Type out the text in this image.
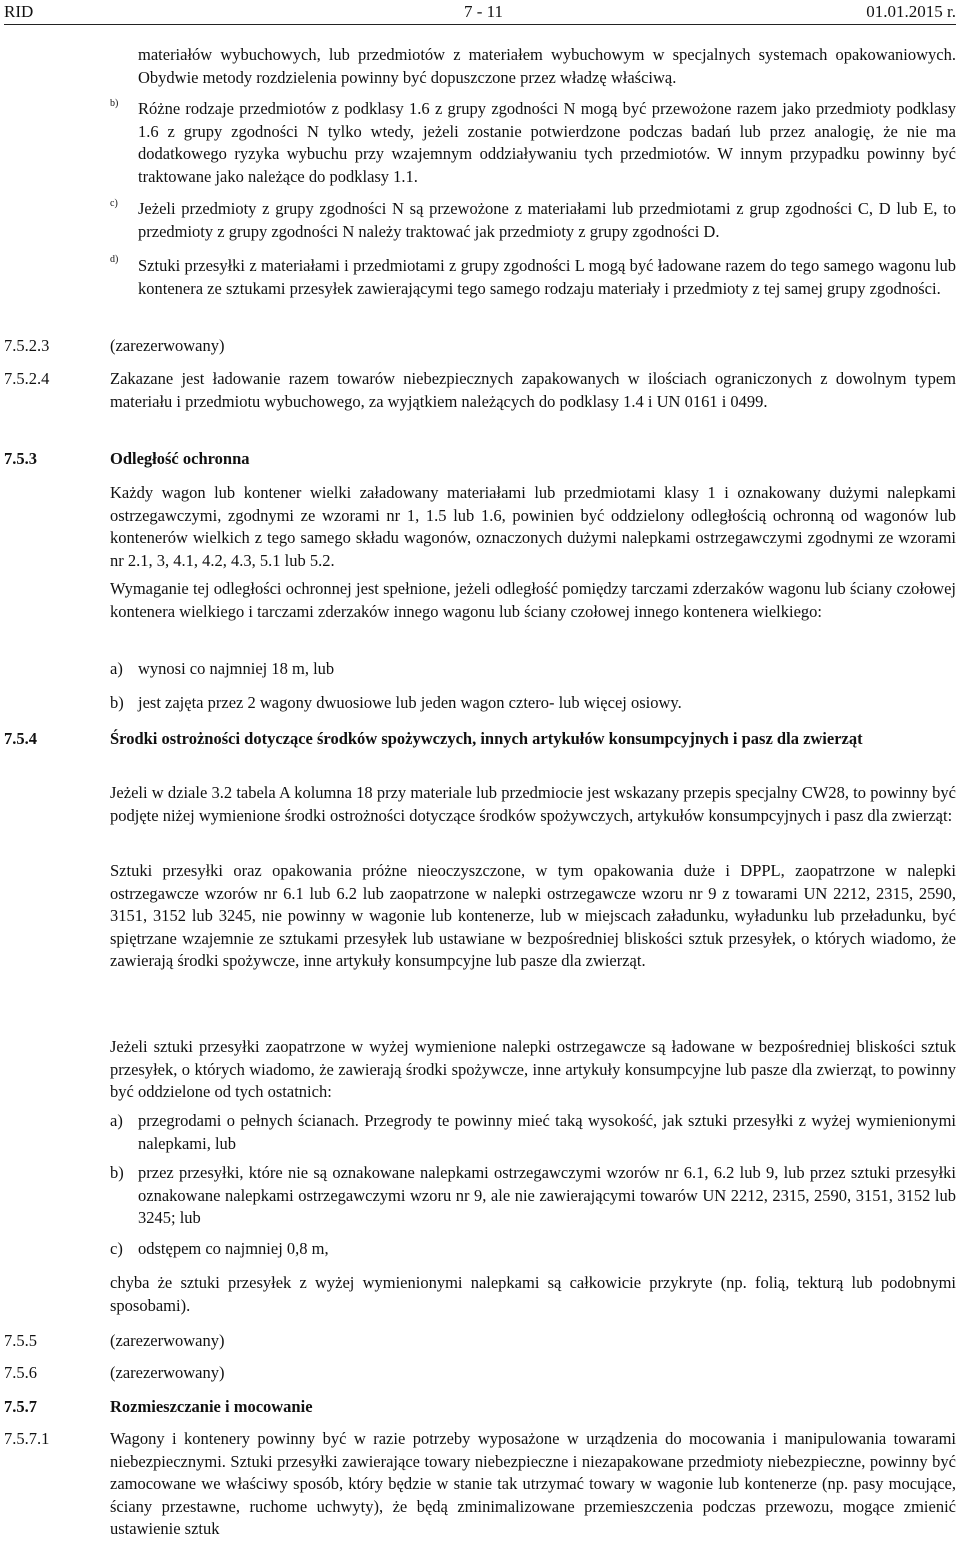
RID	7 - 11	01.01.2015 r.
materiałów wybuchowych, lub przedmiotów z materiałem wybuchowym w specjalnych systemach opakowaniowych. Obydwie metody rozdzielenia powinny być dopuszczone przez władzę właściwą.
b) Różne rodzaje przedmiotów z podklasy 1.6 z grupy zgodności N mogą być przewożone razem jako przedmioty podklasy 1.6 z grupy zgodności N tylko wtedy, jeżeli zostanie potwierdzone podczas badań lub przez analogię, że nie ma dodatkowego ryzyka wybuchu przy wzajemnym oddziaływaniu tych przedmiotów. W innym przypadku powinny być traktowane jako należące do podklasy 1.1.
c) Jeżeli przedmioty z grupy zgodności N są przewożone z materiałami lub przedmiotami z grup zgodności C, D lub E, to przedmioty z grupy zgodności N należy traktować jak przedmioty z grupy zgodności D.
d) Sztuki przesyłki z materiałami i przedmiotami z grupy zgodności L mogą być ładowane razem do tego samego wagonu lub kontenera ze sztukami przesyłek zawierającymi tego samego rodzaju materiały i przedmioty z tej samej grupy zgodności.
7.5.2.3	(zarezerwowany)
7.5.2.4	Zakazane jest ładowanie razem towarów niebezpiecznych zapakowanych w ilościach ograniczonych z dowolnym typem materiału i przedmiotu wybuchowego, za wyjątkiem należących do podklasy 1.4 i UN 0161 i 0499.
7.5.3	Odległość ochronna
Każdy wagon lub kontener wielki załadowany materiałami lub przedmiotami klasy 1 i oznakowany dużymi nalepkami ostrzegawczymi, zgodnymi ze wzorami nr 1, 1.5 lub 1.6, powinien być oddzielony odległością ochronną od wagonów lub kontenerów wielkich z tego samego składu wagonów, oznaczonych dużymi nalepkami ostrzegawczymi zgodnymi ze wzorami nr 2.1, 3, 4.1, 4.2, 4.3, 5.1 lub 5.2.
Wymaganie tej odległości ochronnej jest spełnione, jeżeli odległość pomiędzy tarczami zderzaków wagonu lub ściany czołowej kontenera wielkiego i tarczami zderzaków innego wagonu lub ściany czołowej innego kontenera wielkiego:
a) wynosi co najmniej 18 m, lub
b) jest zajęta przez 2 wagony dwuosiowe lub jeden wagon cztero- lub więcej osiowy.
7.5.4	Środki ostrożności dotyczące środków spożywczych, innych artykułów konsumpcyjnych i pasz dla zwierząt
Jeżeli w dziale 3.2 tabela A kolumna 18 przy materiale lub przedmiocie jest wskazany przepis specjalny CW28, to powinny być podjęte niżej wymienione środki ostrożności dotyczące środków spożywczych, artykułów konsumpcyjnych i pasz dla zwierząt:
Sztuki przesyłki oraz opakowania próżne nieoczyszczone, w tym opakowania duże i DPPL, zaopatrzone w nalepki ostrzegawcze wzorów nr 6.1 lub 6.2 lub zaopatrzone w nalepki ostrzegawcze wzoru nr 9 z towarami UN 2212, 2315, 2590, 3151, 3152 lub 3245, nie powinny w wagonie lub kontenerze, lub w miejscach załadunku, wyładunku lub przeładunku, być spiętrzane wzajemnie ze sztukami przesyłek lub ustawiane w bezpośredniej bliskości sztuk przesyłek, o których wiadomo, że zawierają środki spożywcze, inne artykuły konsumpcyjne lub pasze dla zwierząt.
Jeżeli sztuki przesyłki zaopatrzone w wyżej wymienione nalepki ostrzegawcze są ładowane w bezpośredniej bliskości sztuk przesyłek, o których wiadomo, że zawierają środki spożywcze, inne artykuły konsumpcyjne lub pasze dla zwierząt, to powinny być oddzielone od tych ostatnich:
a) przegrodami o pełnych ścianach. Przegrody te powinny mieć taką wysokość, jak sztuki przesyłki z wyżej wymienionymi nalepkami, lub
b) przez przesyłki, które nie są oznakowane nalepkami ostrzegawczymi wzorów nr 6.1, 6.2 lub 9, lub przez sztuki przesyłki oznakowane nalepkami ostrzegawczymi wzoru nr 9, ale nie zawierającymi towarów UN 2212, 2315, 2590, 3151, 3152 lub 3245; lub
c) odstępem co najmniej 0,8 m,
chyba że sztuki przesyłek z wyżej wymienionymi nalepkami są całkowicie przykryte (np. folią, tekturą lub podobnymi sposobami).
7.5.5	(zarezerwowany)
7.5.6	(zarezerwowany)
7.5.7	Rozmieszczanie i mocowanie
7.5.7.1	Wagony i kontenery powinny być w razie potrzeby wyposażone w urządzenia do mocowania i manipulowania towarami niebezpiecznymi. Sztuki przesyłki zawierające towary niebezpieczne i niezapakowane przedmioty niebezpieczne, powinny być zamocowane we właściwy sposób, który będzie w stanie tak utrzymać towary w wagonie lub kontenerze (np. pasy mocujące, ściany przestawne, ruchome uchwyty), że będą zminimalizowane przemieszczenia podczas przewozu, mogące zmienić ustawienie sztuk
